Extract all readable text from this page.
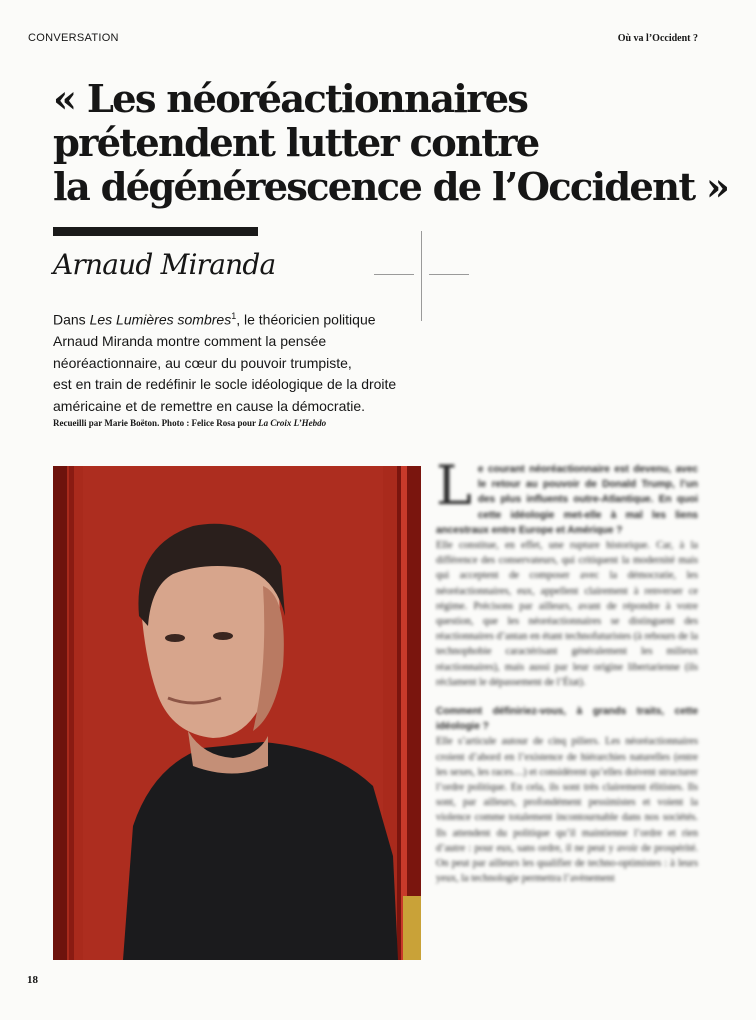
CONVERSATION	Où va l’Occident ?
« Les néoréactionnaires
prétendent lutter contre
la dégénérescence de l’Occident »
Arnaud Miranda

Dans Les Lumières sombres$^1$, le théoricien politique
Arnaud Miranda montre comment la pensée
néoréactionnaire, au cœur du pouvoir trumpiste,
est en train de redéfinir le socle idéologique de la droite
américaine et de remettre en cause la démocratie.

Recueilli par Marie Boëton. Photo : Felice Rosa pour La Croix L’Hebdo

Le courant néoréactionnaire est devenu, avec le retour au pouvoir de Donald Trump, l’un des plus influents outre-Atlantique. En quoi cette idéologie met-elle à mal les liens ancestraux entre Europe et Amérique ?

Elle constitue, en effet, une rupture historique. Car, à la différence des conservateurs, qui critiquent la modernité mais qui acceptent de composer avec la démocratie, les néoréactionnaires, eux, appellent clairement à renverser ce régime. Précisons par ailleurs, avant de répondre à votre question, que les néoréactionnaires se distinguent des réactionnaires d’antan en étant technofuturistes (à rebours de la technophobie caractérisant généralement les milieux réactionnaires), mais aussi par leur origine libertarienne (ils réclament le dépassement de l’État).

Comment définiriez-vous, à grands traits, cette idéologie ?

Elle s’articule autour de cinq piliers. Les néoréactionnaires croient d’abord en l’existence de hiérarchies naturelles (entre les sexes, les races…) et considèrent qu’elles doivent structurer l’ordre politique. En cela, ils sont très clairement élitistes. Ils sont, par ailleurs, profondément pessimistes et voient la violence comme totalement incontournable dans nos sociétés. Ils attendent du politique qu’il maintienne l’ordre et rien d’autre : pour eux, sans ordre, il ne peut y avoir de prospérité. On peut par ailleurs les qualifier de techno-optimistes : à leurs yeux, la technologie permettra l’avènement

18
